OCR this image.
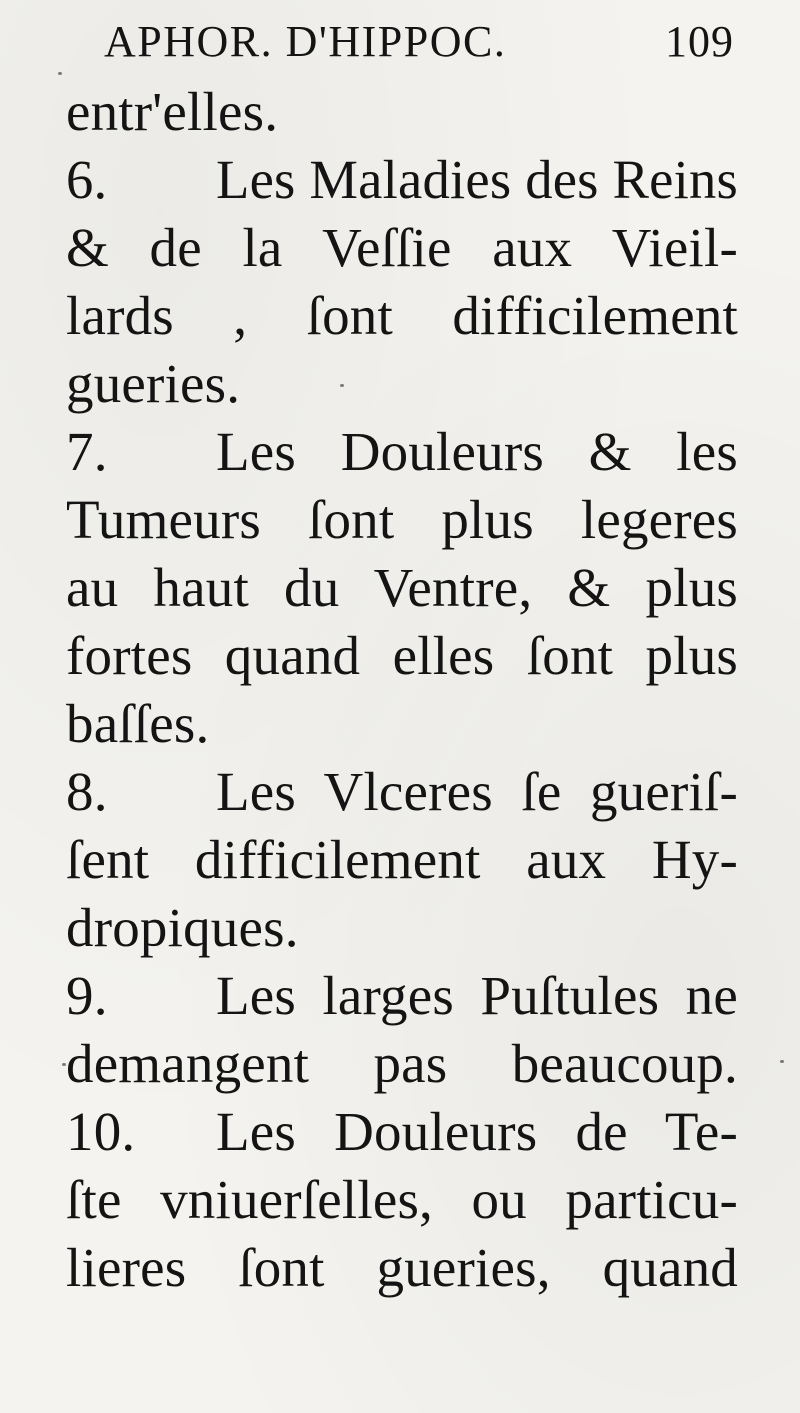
APHOR. D'HIPPOC.	109
entr'elles.
6. Les Maladies des Reins
& de la Veſſie aux Vieil-
lards , ſont difficilement
gueries.
7. Les Douleurs & les
Tumeurs ſont plus legeres
au haut du Ventre, & plus
fortes quand elles ſont plus
baſſes.
8. Les Vlceres ſe gueriſ-
ſent difficilement aux Hy-
dropiques.
9. Les larges Puſtules ne
demangent pas beaucoup.
10. Les Douleurs de Te-
ſte vniuerſelles, ou particu-
lieres ſont gueries, quand
